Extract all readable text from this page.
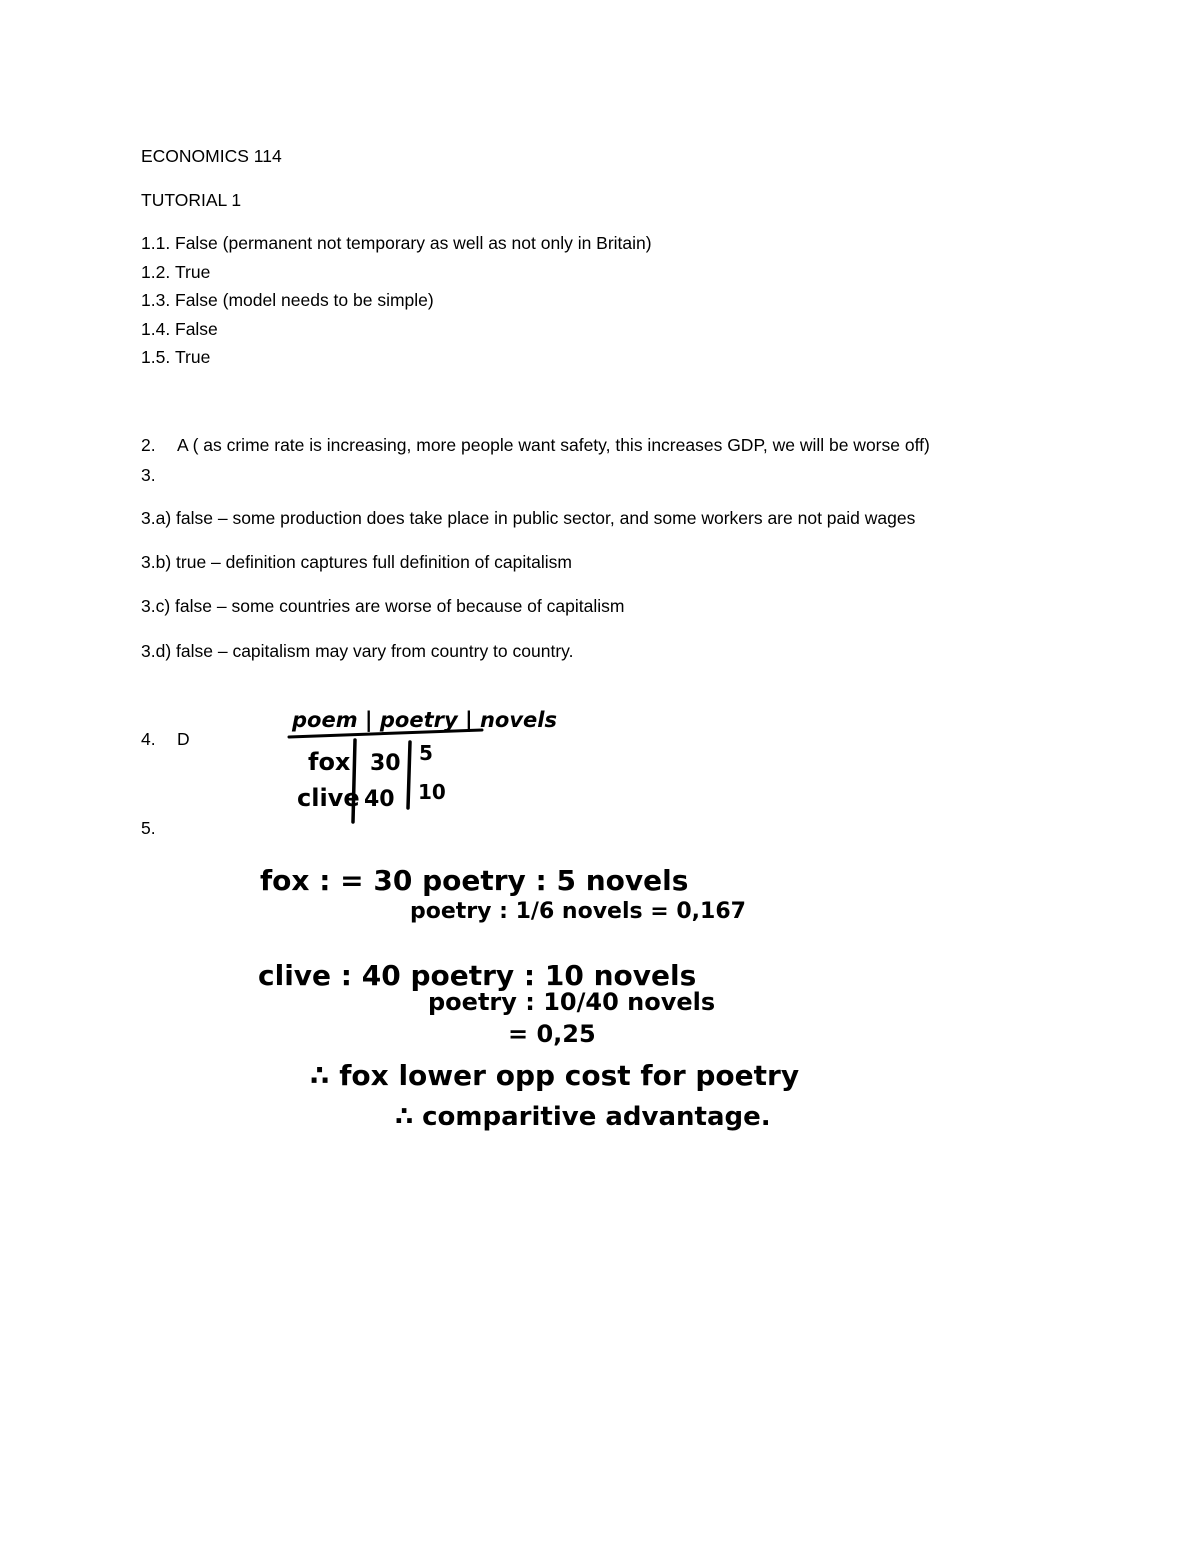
ECONOMICS 114
TUTORIAL 1
1.1. False (permanent not temporary as well as not only in Britain)
1.2. True
1.3. False (model needs to be simple)
1.4. False
1.5. True
2. A ( as crime rate is increasing, more people want safety, this increases GDP, we will be worse off)
3.
3.a) false – some production does take place in public sector, and some workers are not paid wages
3.b) true – definition captures full definition of capitalism
3.c) false – some countries are worse of because of capitalism
3.d) false – capitalism may vary from country to country.
4. D
5.
poem | poetry | novels
fox 30 5
clive 40 10
fox : = 30 poetry : 5 novels
poetry : 1/6 novels = 0,167
clive : 40 poetry : 10 novels
poetry : 10/40 novels
= 0,25
∴ fox lower opp cost for poetry
∴ comparitive advantage.
